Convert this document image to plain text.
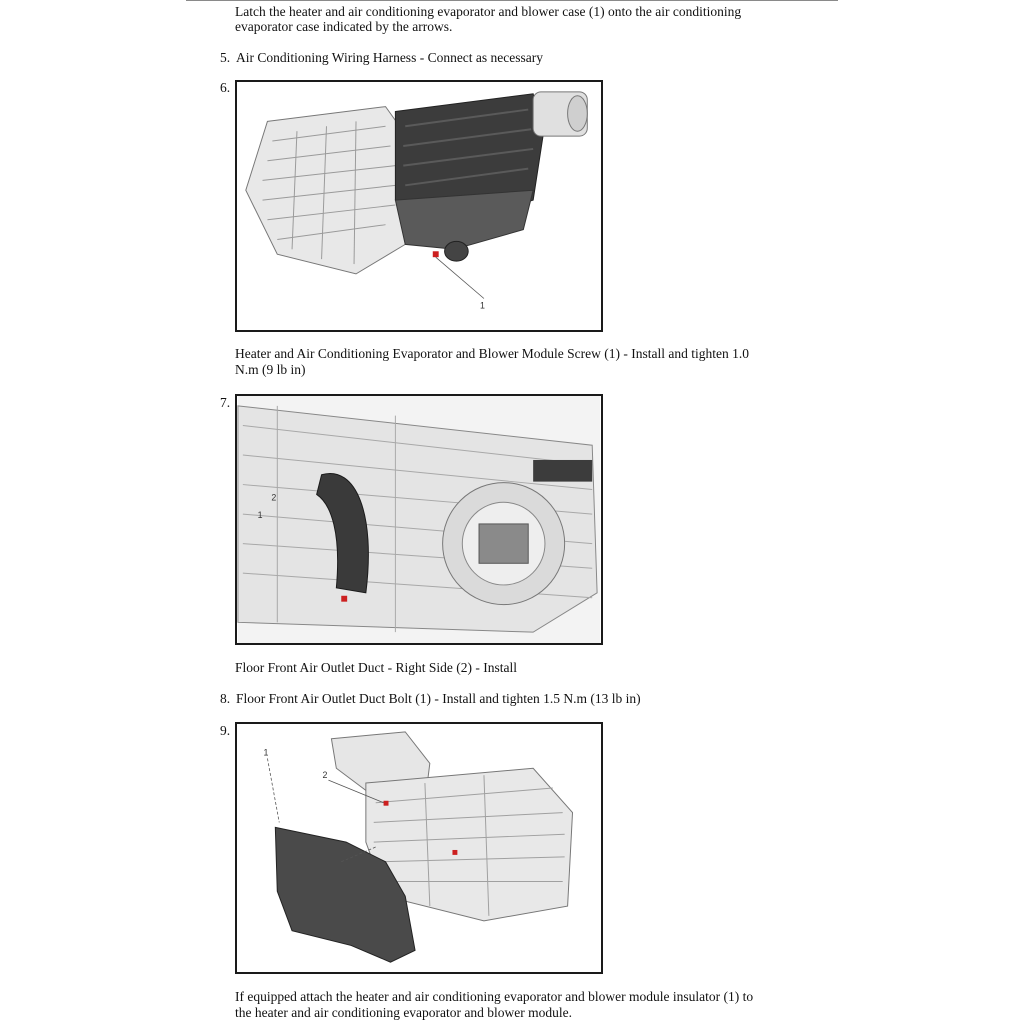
Latch the heater and air conditioning evaporator and blower case (1) onto the air conditioning
evaporator case indicated by the arrows.
5. Air Conditioning Wiring Harness - Connect as necessary
6.
1
Heater and Air Conditioning Evaporator and Blower Module Screw (1) - Install and tighten 1.0
N.m (9 lb in)
7.
2
1
Floor Front Air Outlet Duct - Right Side (2) - Install
8. Floor Front Air Outlet Duct Bolt (1) - Install and tighten 1.5 N.m (13 lb in)
9.
1
2
If equipped attach the heater and air conditioning evaporator and blower module insulator (1) to
the heater and air conditioning evaporator and blower module.
